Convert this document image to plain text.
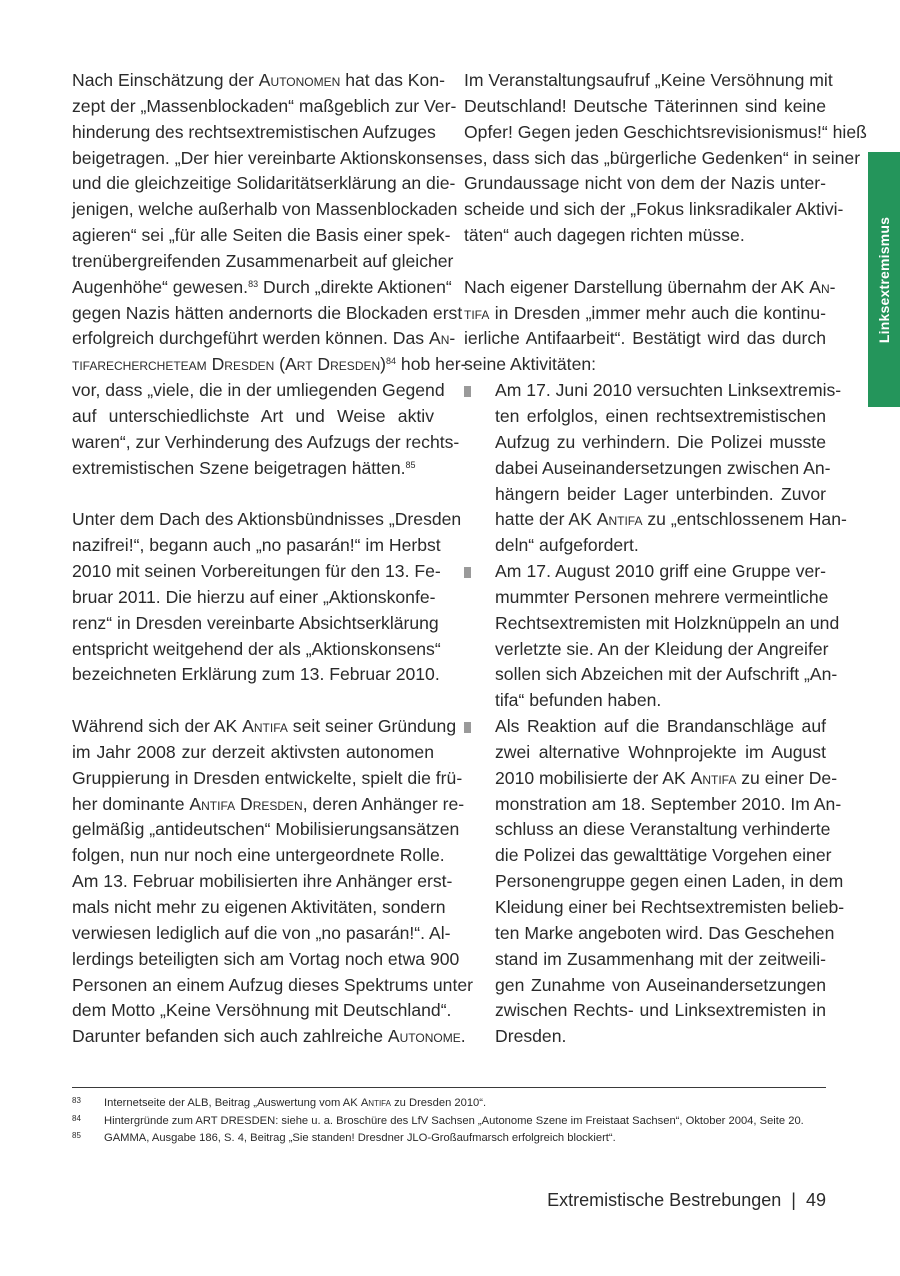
Linksextremismus

Nach Einschätzung der Autonomen hat das Kon-
zept der „Massenblockaden“ maßgeblich zur Ver-
hinderung des rechtsextremistischen Aufzuges
beigetragen. „Der hier vereinbarte Aktionskonsens
und die gleichzeitige Solidaritätserklärung an die-
jenigen, welche außerhalb von Massenblockaden
agieren“ sei „für alle Seiten die Basis einer spek-
trenübergreifenden Zusammenarbeit auf gleicher
Augenhöhe“ gewesen.$^{83}$ Durch „direkte Aktionen“
gegen Nazis hätten andernorts die Blockaden erst
erfolgreich durchgeführt werden können. Das An-
tifarechercheteam Dresden (Art Dresden)$^{84}$ hob her-
vor, dass „viele, die in der umliegenden Gegend
auf unterschiedlichste Art und Weise aktiv
waren“, zur Verhinderung des Aufzugs der rechts-
extremistischen Szene beigetragen hätten.$^{85}$

Unter dem Dach des Aktionsbündnisses „Dresden
nazifrei!“, begann auch „no pasarán!“ im Herbst
2010 mit seinen Vorbereitungen für den 13. Fe-
bruar 2011. Die hierzu auf einer „Aktionskonfe-
renz“ in Dresden vereinbarte Absichtserklärung
entspricht weitgehend der als „Aktionskonsens“
bezeichneten Erklärung zum 13. Februar 2010.

Während sich der AK Antifa seit seiner Gründung
im Jahr 2008 zur derzeit aktivsten autonomen
Gruppierung in Dresden entwickelte, spielt die frü-
her dominante Antifa Dresden, deren Anhänger re-
gelmäßig „antideutschen“ Mobilisierungsansätzen
folgen, nun nur noch eine untergeordnete Rolle.
Am 13. Februar mobilisierten ihre Anhänger erst-
mals nicht mehr zu eigenen Aktivitäten, sondern
verwiesen lediglich auf die von „no pasarán!“. Al-
lerdings beteiligten sich am Vortag noch etwa 900
Personen an einem Aufzug dieses Spektrums unter
dem Motto „Keine Versöhnung mit Deutschland“.
Darunter befanden sich auch zahlreiche Autonome.

Im Veranstaltungsaufruf „Keine Versöhnung mit
Deutschland! Deutsche Täterinnen sind keine
Opfer! Gegen jeden Geschichtsrevisionismus!“ hieß
es, dass sich das „bürgerliche Gedenken“ in seiner
Grundaussage nicht von dem der Nazis unter-
scheide und sich der „Fokus linksradikaler Aktivi-
täten“ auch dagegen richten müsse.

Nach eigener Darstellung übernahm der AK An-
tifa in Dresden „immer mehr auch die kontinu-
ierliche Antifaarbeit“. Bestätigt wird das durch
seine Aktivitäten:

Am 17. Juni 2010 versuchten Linksextremis-
ten erfolglos, einen rechtsextremistischen
Aufzug zu verhindern. Die Polizei musste
dabei Auseinandersetzungen zwischen An-
hängern beider Lager unterbinden. Zuvor
hatte der AK Antifa zu „entschlossenem Han-
deln“ aufgefordert.
Am 17. August 2010 griff eine Gruppe ver-
mummter Personen mehrere vermeintliche
Rechtsextremisten mit Holzknüppeln an und
verletzte sie. An der Kleidung der Angreifer
sollen sich Abzeichen mit der Aufschrift „An-
tifa“ befunden haben.
Als Reaktion auf die Brandanschläge auf
zwei alternative Wohnprojekte im August
2010 mobilisierte der AK Antifa zu einer De-
monstration am 18. September 2010. Im An-
schluss an diese Veranstaltung verhinderte
die Polizei das gewalttätige Vorgehen einer
Personengruppe gegen einen Laden, in dem
Kleidung einer bei Rechtsextremisten belieb-
ten Marke angeboten wird. Das Geschehen
stand im Zusammenhang mit der zeitweili-
gen Zunahme von Auseinandersetzungen
zwischen Rechts- und Linksextremisten in
Dresden.
83 Internetseite der ALB, Beitrag „Auswertung vom AK Antifa zu Dresden 2010“.
84 Hintergründe zum ART DRESDEN: siehe u. a. Broschüre des LfV Sachsen „Autonome Szene im Freistaat Sachsen“, Oktober 2004, Seite 20.
85 GAMMA, Ausgabe 186, S. 4, Beitrag „Sie standen! Dresdner JLO-Großaufmarsch erfolgreich blockiert“.
Extremistische Bestrebungen | 49
